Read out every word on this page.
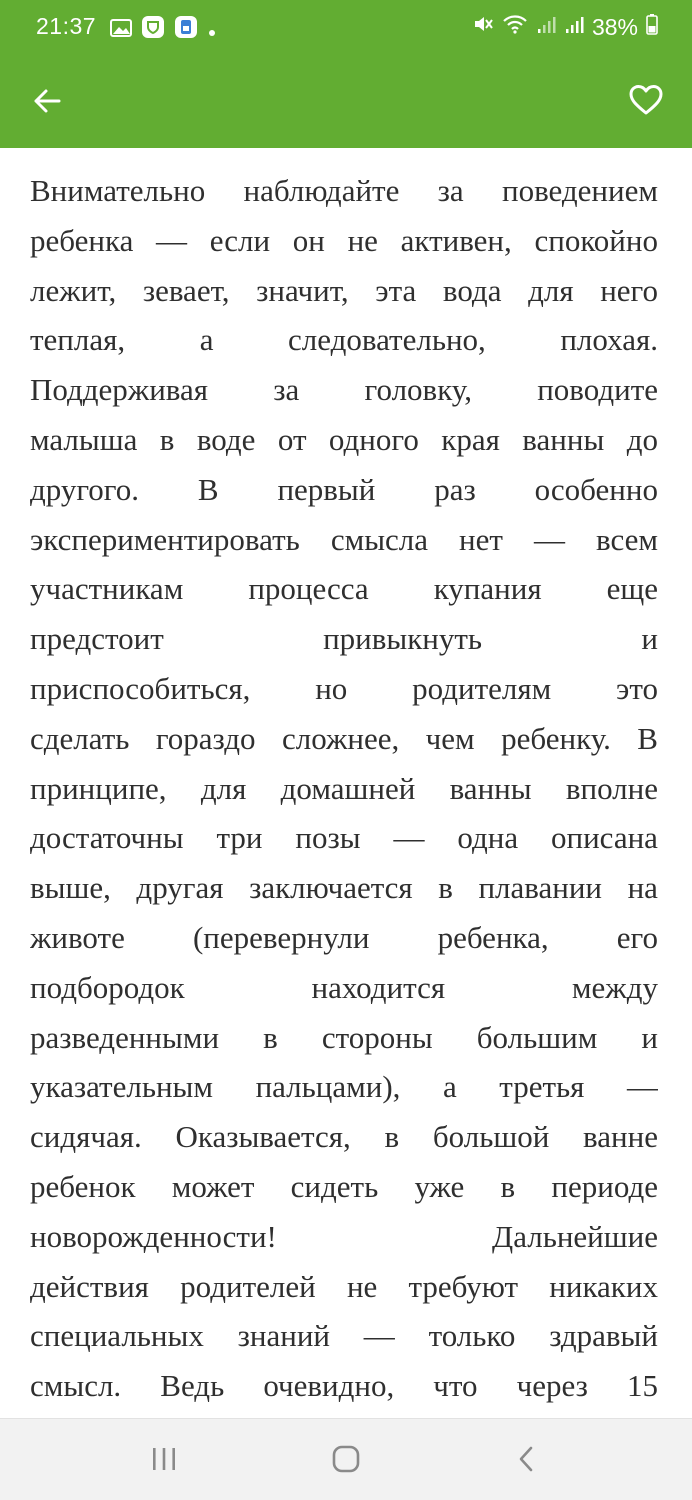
21:37	38%
Внимательно наблюдайте за поведением
ребенка — если он не активен, спокойно
лежит, зевает, значит, эта вода для него
теплая, а следовательно, плохая.
Поддерживая за головку, поводите
малыша в воде от одного края ванны до
другого. В первый раз особенно
экспериментировать смысла нет — всем
участникам процесса купания еще
предстоит	привыкнуть	и
приспособиться, но родителям это
сделать гораздо сложнее, чем ребенку. В
принципе, для домашней ванны вполне
достаточны три позы — одна описана
выше, другая заключается в плавании на
животе (перевернули ребенка, его
подбородок	находится	между
разведенными в стороны большим и
указательным пальцами), а третья —
сидячая. Оказывается, в большой ванне
ребенок может сидеть уже в периоде
новорожденности!	Дальнейшие
действия родителей не требуют никаких
специальных знаний — только здравый
смысл. Ведь очевидно, что через 15
